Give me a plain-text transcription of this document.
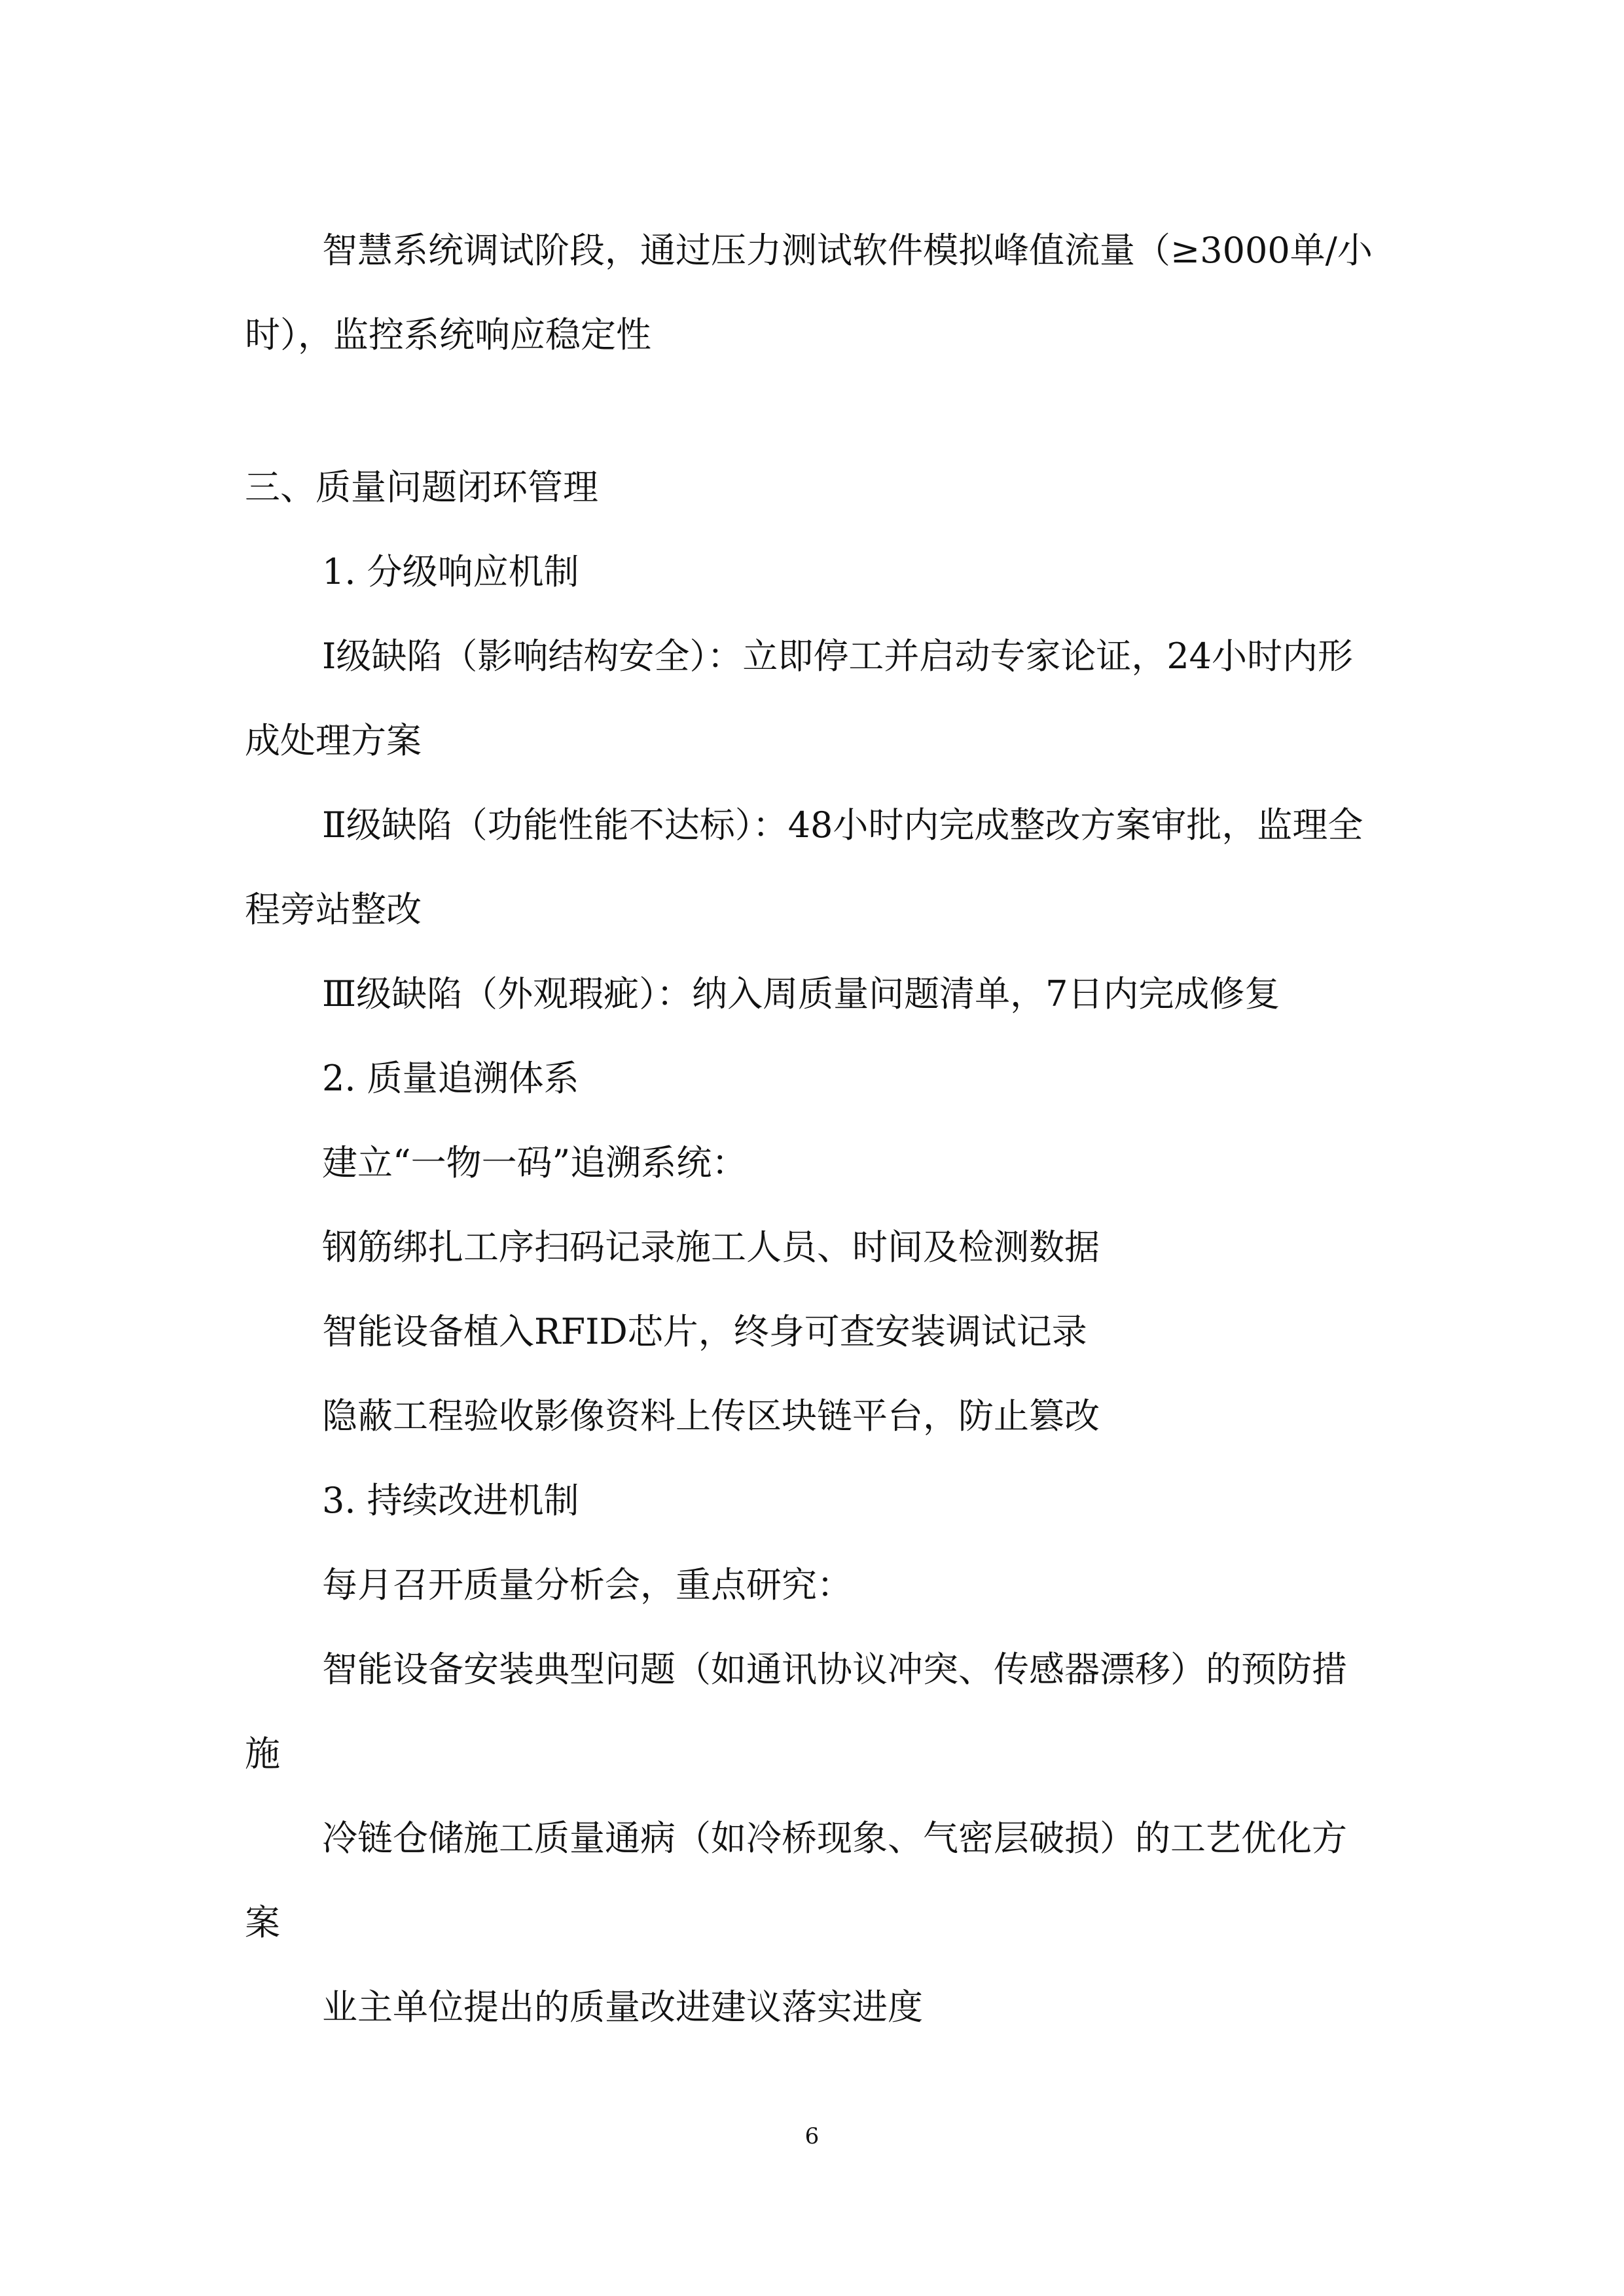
智慧系统调试阶段，通过压力测试软件模拟峰值流量（≥3000单/小时），监控系统响应稳定性

三、质量问题闭环管理

1. 分级响应机制

Ⅰ级缺陷（影响结构安全）：立即停工并启动专家论证，24小时内形成处理方案

Ⅱ级缺陷（功能性能不达标）：48小时内完成整改方案审批，监理全程旁站整改

Ⅲ级缺陷（外观瑕疵）：纳入周质量问题清单，7日内完成修复

2. 质量追溯体系

建立“一物一码”追溯系统：

钢筋绑扎工序扫码记录施工人员、时间及检测数据

智能设备植入RFID芯片，终身可查安装调试记录

隐蔽工程验收影像资料上传区块链平台，防止篡改

3. 持续改进机制

每月召开质量分析会，重点研究：

智能设备安装典型问题（如通讯协议冲突、传感器漂移）的预防措施

冷链仓储施工质量通病（如冷桥现象、气密层破损）的工艺优化方案

业主单位提出的质量改进建议落实进度

6
